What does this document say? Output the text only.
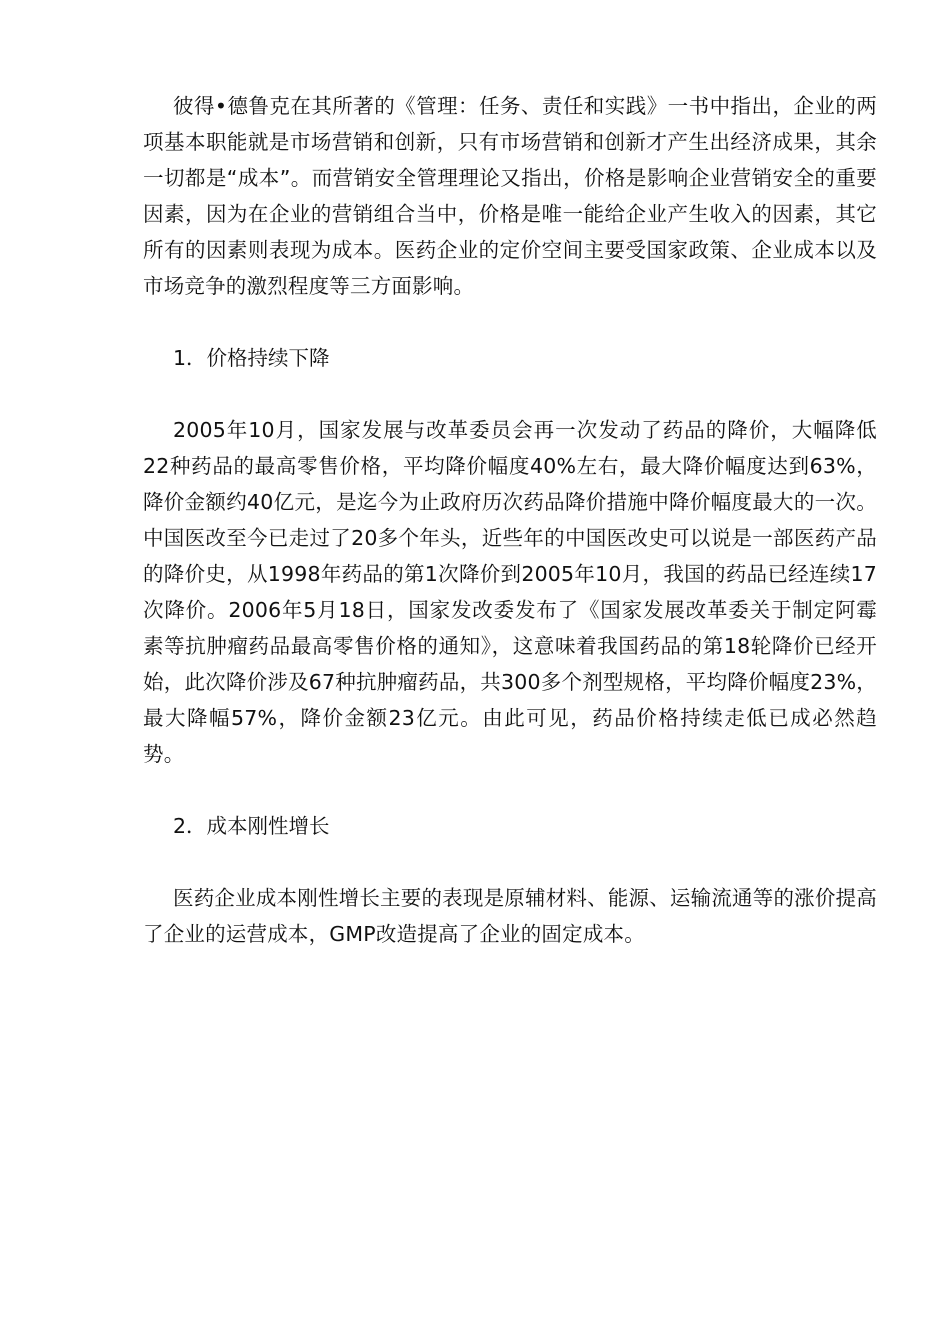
彼得•德鲁克在其所著的《管理：任务、责任和实践》一书中指出，企业的两项基本职能就是市场营销和创新，只有市场营销和创新才产生出经济成果，其余一切都是“成本”。而营销安全管理理论又指出，价格是影响企业营销安全的重要因素，因为在企业的营销组合当中，价格是唯一能给企业产生收入的因素，其它所有的因素则表现为成本。医药企业的定价空间主要受国家政策、企业成本以及市场竞争的激烈程度等三方面影响。

1．价格持续下降

2005年10月，国家发展与改革委员会再一次发动了药品的降价，大幅降低22种药品的最高零售价格，平均降价幅度40%左右，最大降价幅度达到63%，降价金额约40亿元，是迄今为止政府历次药品降价措施中降价幅度最大的一次。中国医改至今已走过了20多个年头，近些年的中国医改史可以说是一部医药产品的降价史，从1998年药品的第1次降价到2005年10月，我国的药品已经连续17次降价。2006年5月18日，国家发改委发布了《国家发展改革委关于制定阿霉素等抗肿瘤药品最高零售价格的通知》，这意味着我国药品的第18轮降价已经开始，此次降价涉及67种抗肿瘤药品，共300多个剂型规格，平均降价幅度23%，最大降幅57%，降价金额23亿元。由此可见，药品价格持续走低已成必然趋势。

2．成本刚性增长

医药企业成本刚性增长主要的表现是原辅材料、能源、运输流通等的涨价提高了企业的运营成本，GMP改造提高了企业的固定成本。
